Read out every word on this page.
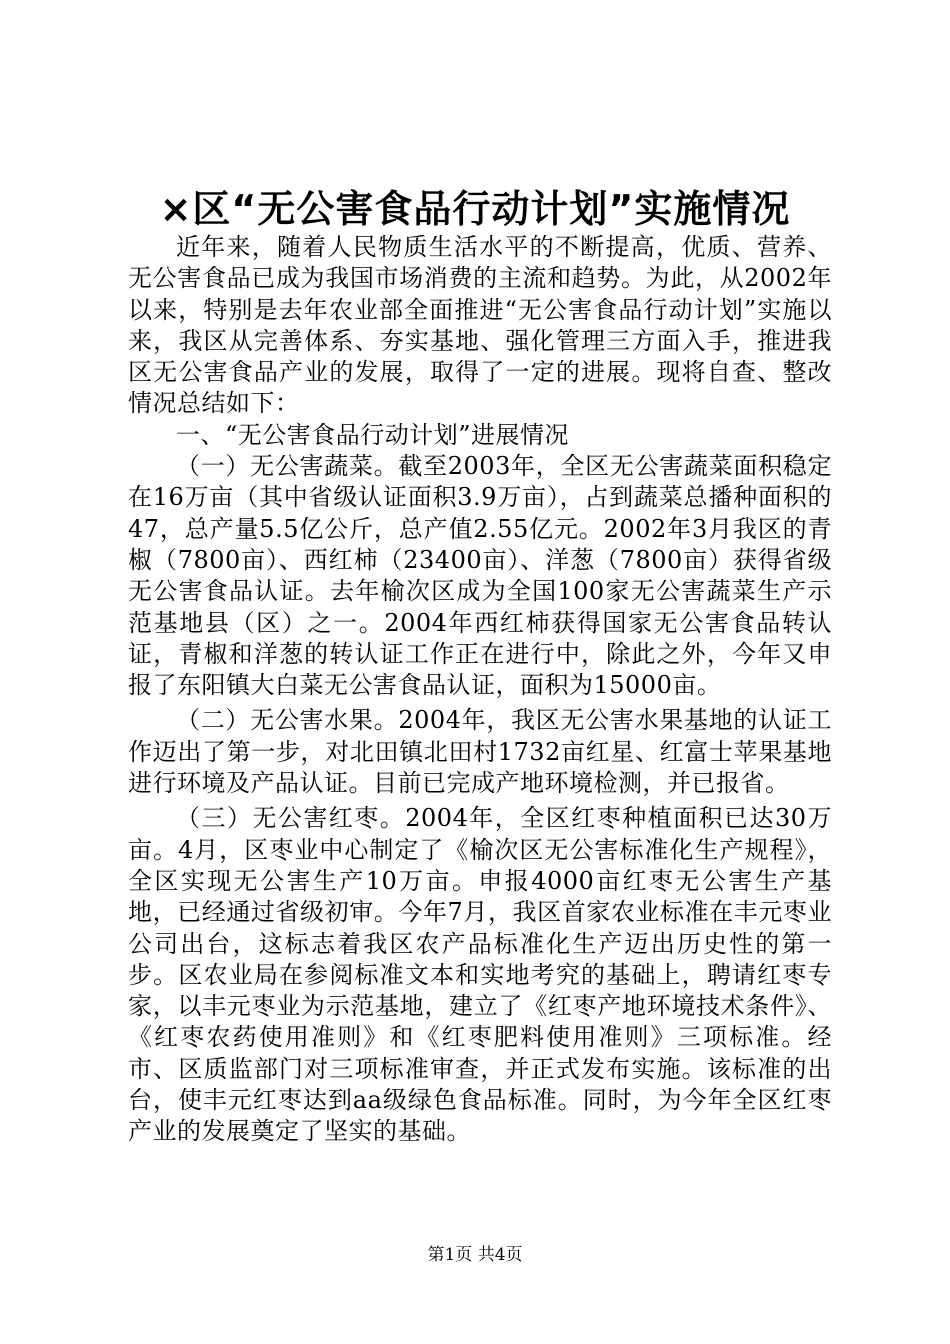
×区“无公害食品行动计划”实施情况

近年来，随着人民物质生活水平的不断提高，优质、营养、无公害食品已成为我国市场消费的主流和趋势。为此，从2002年以来，特别是去年农业部全面推进“无公害食品行动计划”实施以来，我区从完善体系、夯实基地、强化管理三方面入手，推进我区无公害食品产业的发展，取得了一定的进展。现将自查、整改情况总结如下：

一、“无公害食品行动计划”进展情况

（一）无公害蔬菜。截至2003年，全区无公害蔬菜面积稳定在16万亩（其中省级认证面积3.9万亩），占到蔬菜总播种面积的47，总产量5.5亿公斤，总产值2.55亿元。2002年3月我区的青椒（7800亩）、西红柿（23400亩）、洋葱（7800亩）获得省级无公害食品认证。去年榆次区成为全国100家无公害蔬菜生产示范基地县（区）之一。2004年西红柿获得国家无公害食品转认证，青椒和洋葱的转认证工作正在进行中，除此之外，今年又申报了东阳镇大白菜无公害食品认证，面积为15000亩。

（二）无公害水果。2004年，我区无公害水果基地的认证工作迈出了第一步，对北田镇北田村1732亩红星、红富士苹果基地进行环境及产品认证。目前已完成产地环境检测，并已报省。

（三）无公害红枣。2004年，全区红枣种植面积已达30万亩。4月，区枣业中心制定了《榆次区无公害标准化生产规程》，全区实现无公害生产10万亩。申报4000亩红枣无公害生产基地，已经通过省级初审。今年7月，我区首家农业标准在丰元枣业公司出台，这标志着我区农产品标准化生产迈出历史性的第一步。区农业局在参阅标准文本和实地考究的基础上，聘请红枣专家，以丰元枣业为示范基地，建立了《红枣产地环境技术条件》、《红枣农药使用准则》和《红枣肥料使用准则》三项标准。经市、区质监部门对三项标准审查，并正式发布实施。该标准的出台，使丰元红枣达到aa级绿色食品标准。同时，为今年全区红枣产业的发展奠定了坚实的基础。

第1页 共4页
